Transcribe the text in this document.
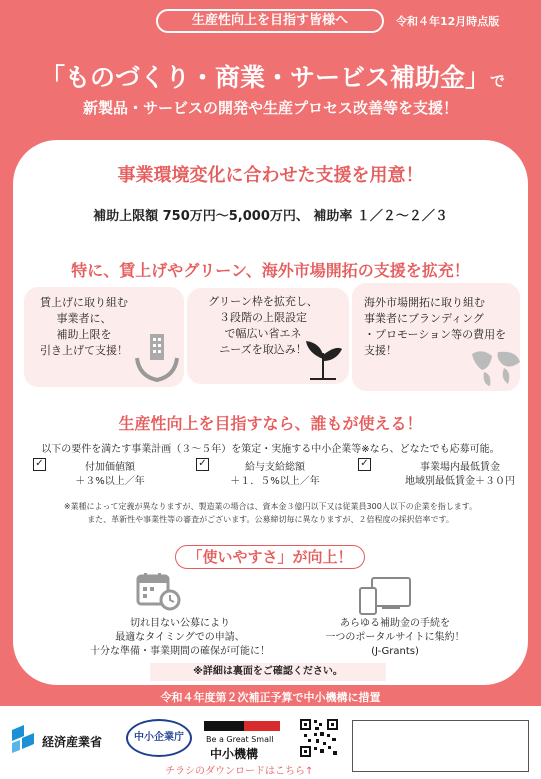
生産性向上を目指す皆様へ	令和４年12月時点版
「ものづくり・商業・サービス補助金」で
新製品・サービスの開発や生産プロセス改善等を支援！
事業環境変化に合わせた支援を用意！
補助上限額 750万円〜5,000万円、 補助率 １／２〜２／３
特に、賃上げやグリーン、海外市場開拓の支援を拡充！
賃上げに取り組む
事業者に、
補助上限を
引き上げて支援！
グリーン枠を拡充し、
３段階の上限設定
で幅広い省エネ
ニーズを取込み！
海外市場開拓に取り組む
事業者にブランディング
・プロモーション等の費用を
支援！
生産性向上を目指すなら、誰もが使える！
以下の要件を満たす事業計画（３〜５年）を策定・実施する中小企業等※なら、どなたでも応募可能。
✓	付加価値額
＋３%以上／年
✓	給与支給総額
＋１．５%以上／年
✓	事業場内最低賃金
地域別最低賃金＋３０円
※業種によって定義が異なりますが、製造業の場合は、資本金３億円以下又は従業員300人以下の企業を指します。
また、革新性や事業性等の審査がございます。公募締切毎に異なりますが、２倍程度の採択倍率です。
「使いやすさ」が向上！
切れ目ない公募により
最適なタイミングでの申請、
十分な準備・事業期間の確保が可能に！
あらゆる補助金の手続を
一つのポータルサイトに集約！
(J-Grants)
※詳細は裏面をご確認ください。
令和４年度第２次補正予算で中小機構に措置
経済産業省	中小企業庁	Be a Great Small
中小機構
チラシのダウンロードはこちら↑
